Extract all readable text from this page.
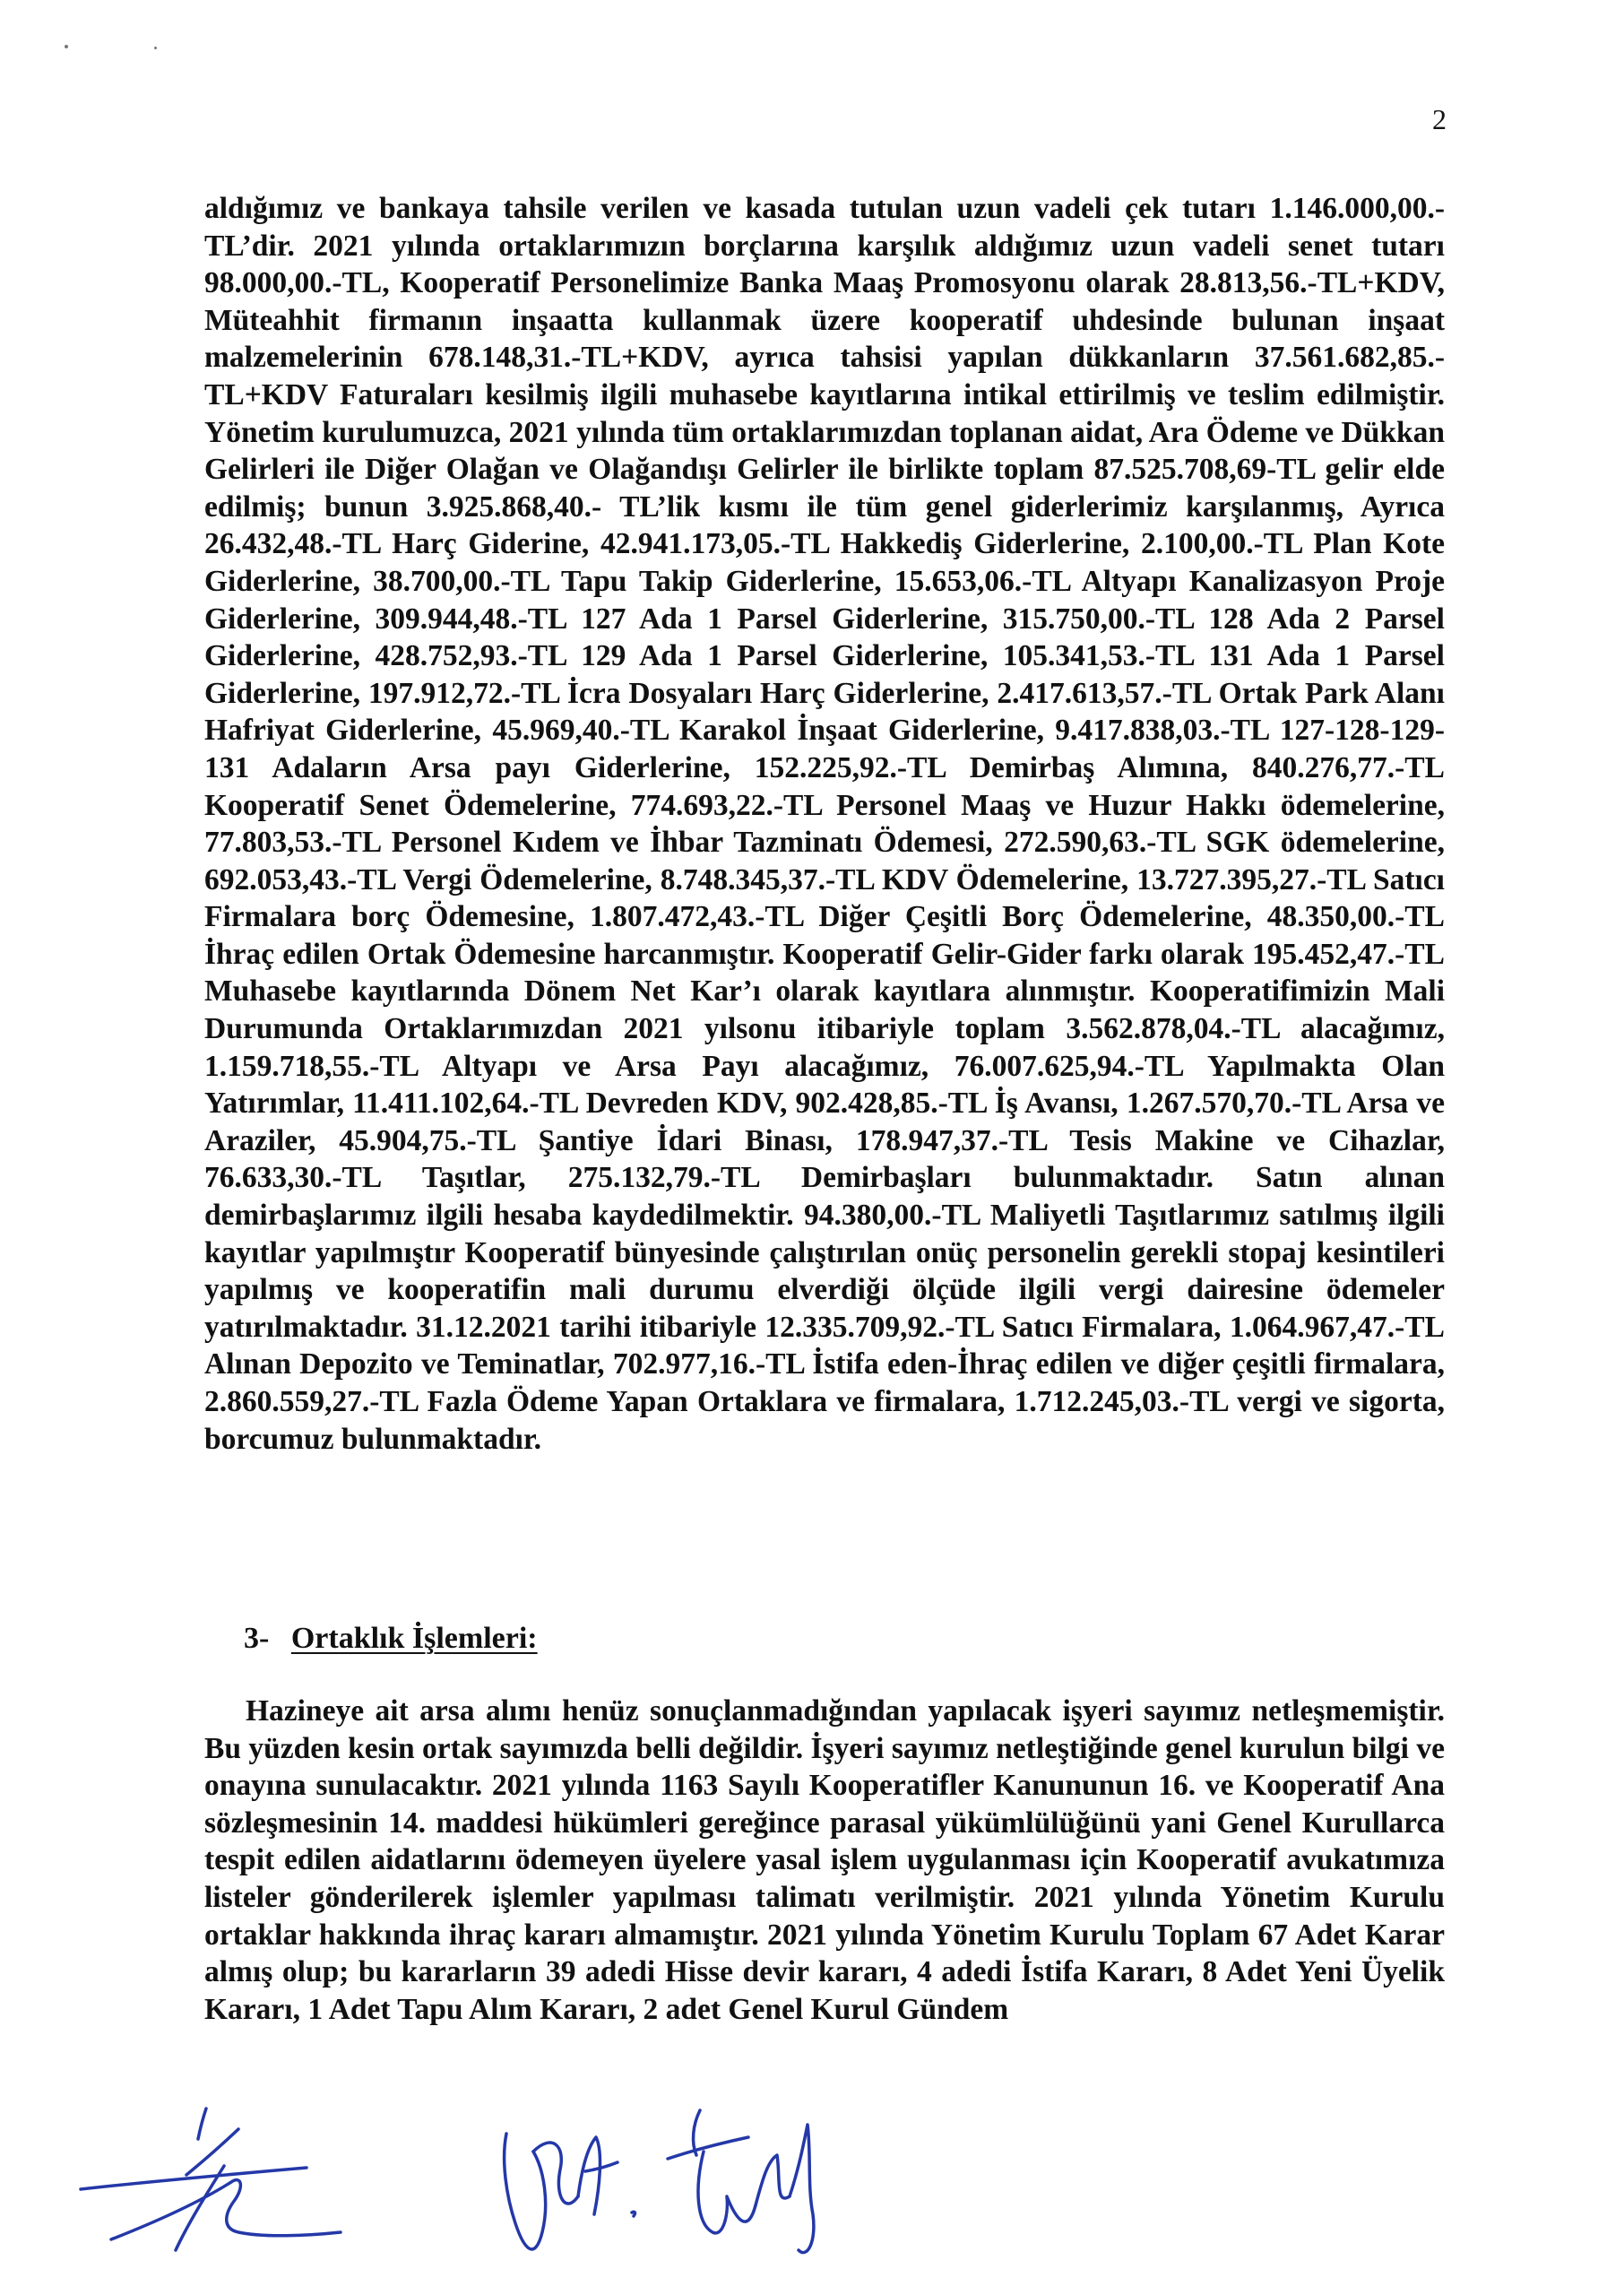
2

aldığımız ve bankaya tahsile verilen ve kasada tutulan uzun vadeli çek tutarı 1.146.000,00.-TL’dir. 2021 yılında ortaklarımızın borçlarına karşılık aldığımız uzun vadeli senet tutarı 98.000,00.-TL, Kooperatif Personelimize Banka Maaş Promosyonu olarak 28.813,56.-TL+KDV, Müteahhit firmanın inşaatta kullanmak üzere kooperatif uhdesinde bulunan inşaat malzemelerinin 678.148,31.-TL+KDV, ayrıca tahsisi yapılan dükkanların 37.561.682,85.-TL+KDV Faturaları kesilmiş ilgili muhasebe kayıtlarına intikal ettirilmiş ve teslim edilmiştir. Yönetim kurulumuzca, 2021 yılında tüm ortaklarımızdan toplanan aidat, Ara Ödeme ve Dükkan Gelirleri ile Diğer Olağan ve Olağandışı Gelirler ile birlikte toplam 87.525.708,69-TL gelir elde edilmiş; bunun 3.925.868,40.- TL’lik kısmı ile tüm genel giderlerimiz karşılanmış, Ayrıca 26.432,48.-TL Harç Giderine, 42.941.173,05.-TL Hakkediş Giderlerine, 2.100,00.-TL Plan Kote Giderlerine, 38.700,00.-TL Tapu Takip Giderlerine, 15.653,06.-TL Altyapı Kanalizasyon Proje Giderlerine, 309.944,48.-TL 127 Ada 1 Parsel Giderlerine, 315.750,00.-TL 128 Ada 2 Parsel Giderlerine, 428.752,93.-TL 129 Ada 1 Parsel Giderlerine, 105.341,53.-TL 131 Ada 1 Parsel Giderlerine, 197.912,72.-TL İcra Dosyaları Harç Giderlerine, 2.417.613,57.-TL Ortak Park Alanı Hafriyat Giderlerine, 45.969,40.-TL Karakol İnşaat Giderlerine, 9.417.838,03.-TL 127-128-129-131 Adaların Arsa payı Giderlerine, 152.225,92.-TL Demirbaş Alımına, 840.276,77.-TL Kooperatif Senet Ödemelerine, 774.693,22.-TL Personel Maaş ve Huzur Hakkı ödemelerine, 77.803,53.-TL Personel Kıdem ve İhbar Tazminatı Ödemesi, 272.590,63.-TL SGK ödemelerine, 692.053,43.-TL Vergi Ödemelerine, 8.748.345,37.-TL KDV Ödemelerine, 13.727.395,27.-TL Satıcı Firmalara borç Ödemesine, 1.807.472,43.-TL Diğer Çeşitli Borç Ödemelerine, 48.350,00.-TL İhraç edilen Ortak Ödemesine harcanmıştır. Kooperatif Gelir-Gider farkı olarak 195.452,47.-TL Muhasebe kayıtlarında Dönem Net Kar’ı olarak kayıtlara alınmıştır. Kooperatifimizin Mali Durumunda Ortaklarımızdan 2021 yılsonu itibariyle toplam 3.562.878,04.-TL alacağımız, 1.159.718,55.-TL Altyapı ve Arsa Payı alacağımız, 76.007.625,94.-TL Yapılmakta Olan Yatırımlar, 11.411.102,64.-TL Devreden KDV, 902.428,85.-TL İş Avansı, 1.267.570,70.-TL Arsa ve Araziler, 45.904,75.-TL Şantiye İdari Binası, 178.947,37.-TL Tesis Makine ve Cihazlar, 76.633,30.-TL Taşıtlar, 275.132,79.-TL Demirbaşları bulunmaktadır. Satın alınan demirbaşlarımız ilgili hesaba kaydedilmektir. 94.380,00.-TL Maliyetli Taşıtlarımız satılmış ilgili kayıtlar yapılmıştır Kooperatif bünyesinde çalıştırılan onüç personelin gerekli stopaj kesintileri yapılmış ve kooperatifin mali durumu elverdiği ölçüde ilgili vergi dairesine ödemeler yatırılmaktadır. 31.12.2021 tarihi itibariyle 12.335.709,92.-TL Satıcı Firmalara, 1.064.967,47.-TL Alınan Depozito ve Teminatlar, 702.977,16.-TL İstifa eden-İhraç edilen ve diğer çeşitli firmalara, 2.860.559,27.-TL Fazla Ödeme Yapan Ortaklara ve firmalara, 1.712.245,03.-TL vergi ve sigorta, borcumuz bulunmaktadır.

3- Ortaklık İşlemleri:

Hazineye ait arsa alımı henüz sonuçlanmadığından yapılacak işyeri sayımız netleşmemiştir. Bu yüzden kesin ortak sayımızda belli değildir. İşyeri sayımız netleştiğinde genel kurulun bilgi ve onayına sunulacaktır. 2021 yılında 1163 Sayılı Kooperatifler Kanununun 16. ve Kooperatif Ana sözleşmesinin 14. maddesi hükümleri gereğince parasal yükümlülüğünü yani Genel Kurullarca tespit edilen aidatlarını ödemeyen üyelere yasal işlem uygulanması için Kooperatif avukatımıza listeler gönderilerek işlemler yapılması talimatı verilmiştir. 2021 yılında Yönetim Kurulu ortaklar hakkında ihraç kararı almamıştır. 2021 yılında Yönetim Kurulu Toplam 67 Adet Karar almış olup; bu kararların 39 adedi Hisse devir kararı, 4 adedi İstifa Kararı, 8 Adet Yeni Üyelik Kararı, 1 Adet Tapu Alım Kararı, 2 adet Genel Kurul Gündem
